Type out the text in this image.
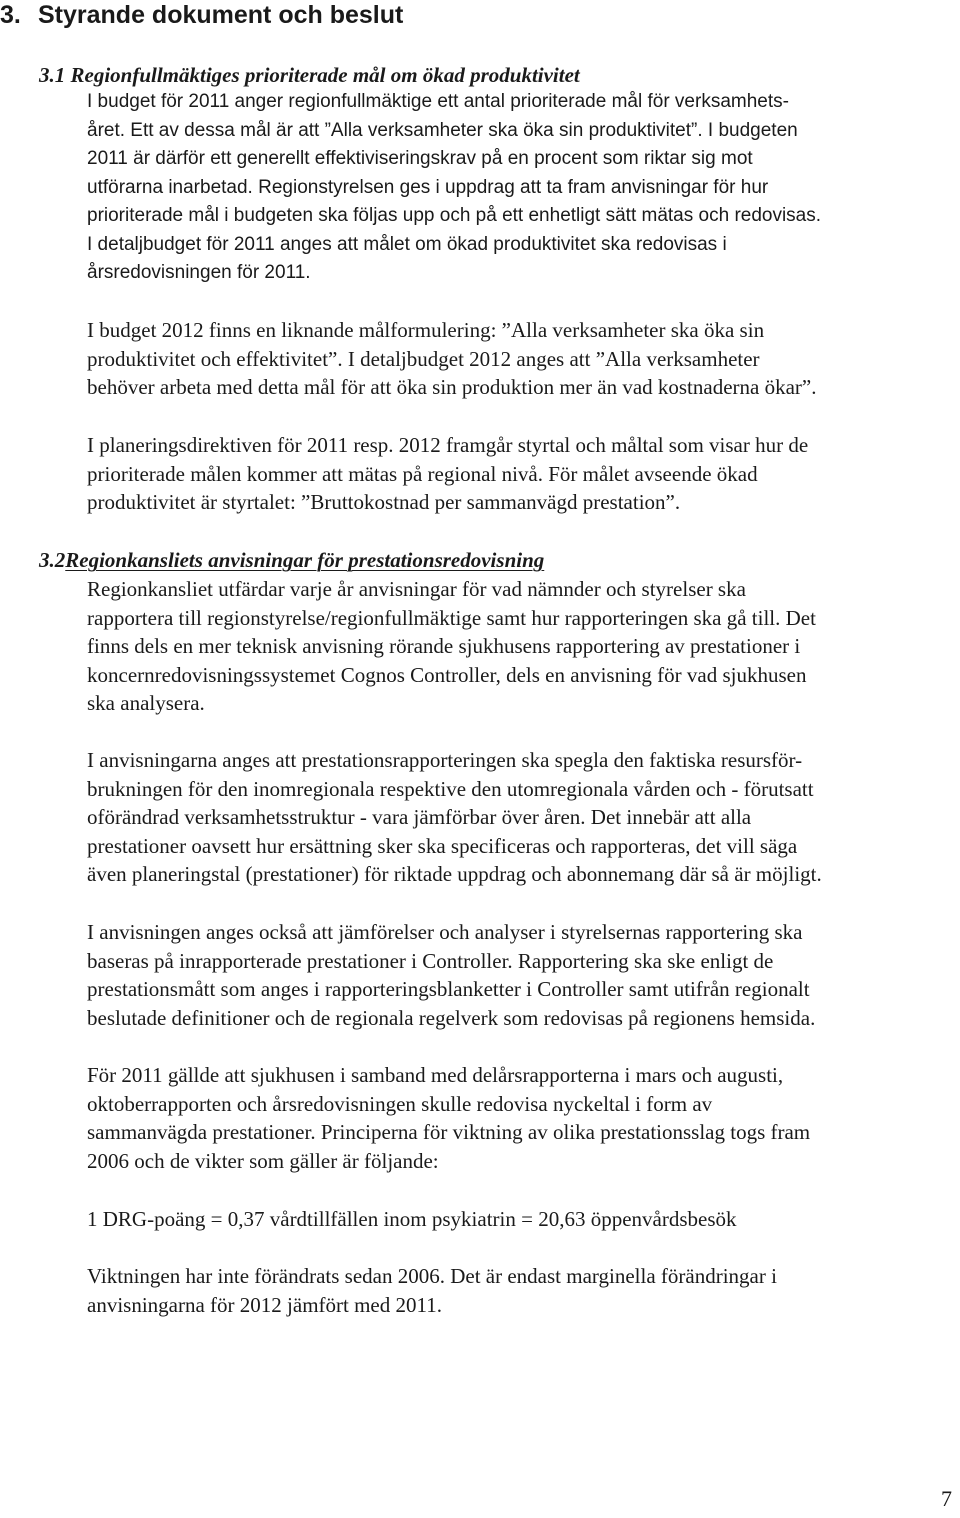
3. Styrande dokument och beslut
3.1 Regionfullmäktiges prioriterade mål om ökad produktivitet

I budget för 2011 anger regionfullmäktige ett antal prioriterade mål för verksamhets-
året. Ett av dessa mål är att ”Alla verksamheter ska öka sin produktivitet”. I budgeten
2011 är därför ett generellt effektiviseringskrav på en procent som riktar sig mot
utförarna inarbetad. Regionstyrelsen ges i uppdrag att ta fram anvisningar för hur
prioriterade mål i budgeten ska följas upp och på ett enhetligt sätt mätas och redovisas.
I detaljbudget för 2011 anges att målet om ökad produktivitet ska redovisas i
årsredovisningen för 2011.

I budget 2012 finns en liknande målformulering: ”Alla verksamheter ska öka sin
produktivitet och effektivitet”. I detaljbudget 2012 anges att ”Alla verksamheter
behöver arbeta med detta mål för att öka sin produktion mer än vad kostnaderna ökar”.

I planeringsdirektiven för 2011 resp. 2012 framgår styrtal och måltal som visar hur de
prioriterade målen kommer att mätas på regional nivå. För målet avseende ökad
produktivitet är styrtalet: ”Bruttokostnad per sammanvägd prestation”.

3.2Regionkansliets anvisningar för prestationsredovisning

Regionkansliet utfärdar varje år anvisningar för vad nämnder och styrelser ska
rapportera till regionstyrelse/regionfullmäktige samt hur rapporteringen ska gå till. Det
finns dels en mer teknisk anvisning rörande sjukhusens rapportering av prestationer i
koncernredovisningssystemet Cognos Controller, dels en anvisning för vad sjukhusen
ska analysera.

I anvisningarna anges att prestationsrapporteringen ska spegla den faktiska resursför-
brukningen för den inomregionala respektive den utomregionala vården och - förutsatt
oförändrad verksamhetsstruktur - vara jämförbar över åren. Det innebär att alla
prestationer oavsett hur ersättning sker ska specificeras och rapporteras, det vill säga
även planeringstal (prestationer) för riktade uppdrag och abonnemang där så är möjligt.

I anvisningen anges också att jämförelser och analyser i styrelsernas rapportering ska
baseras på inrapporterade prestationer i Controller. Rapportering ska ske enligt de
prestationsmått som anges i rapporteringsblanketter i Controller samt utifrån regionalt
beslutade definitioner och de regionala regelverk som redovisas på regionens hemsida.

För 2011 gällde att sjukhusen i samband med delårsrapporterna i mars och augusti,
oktoberrapporten och årsredovisningen skulle redovisa nyckeltal i form av
sammanvägda prestationer. Principerna för viktning av olika prestationsslag togs fram
2006 och de vikter som gäller är följande:

1 DRG-poäng = 0,37 vårdtillfällen inom psykiatrin = 20,63 öppenvårdsbesök

Viktningen har inte förändrats sedan 2006. Det är endast marginella förändringar i
anvisningarna för 2012 jämfört med 2011.

7
